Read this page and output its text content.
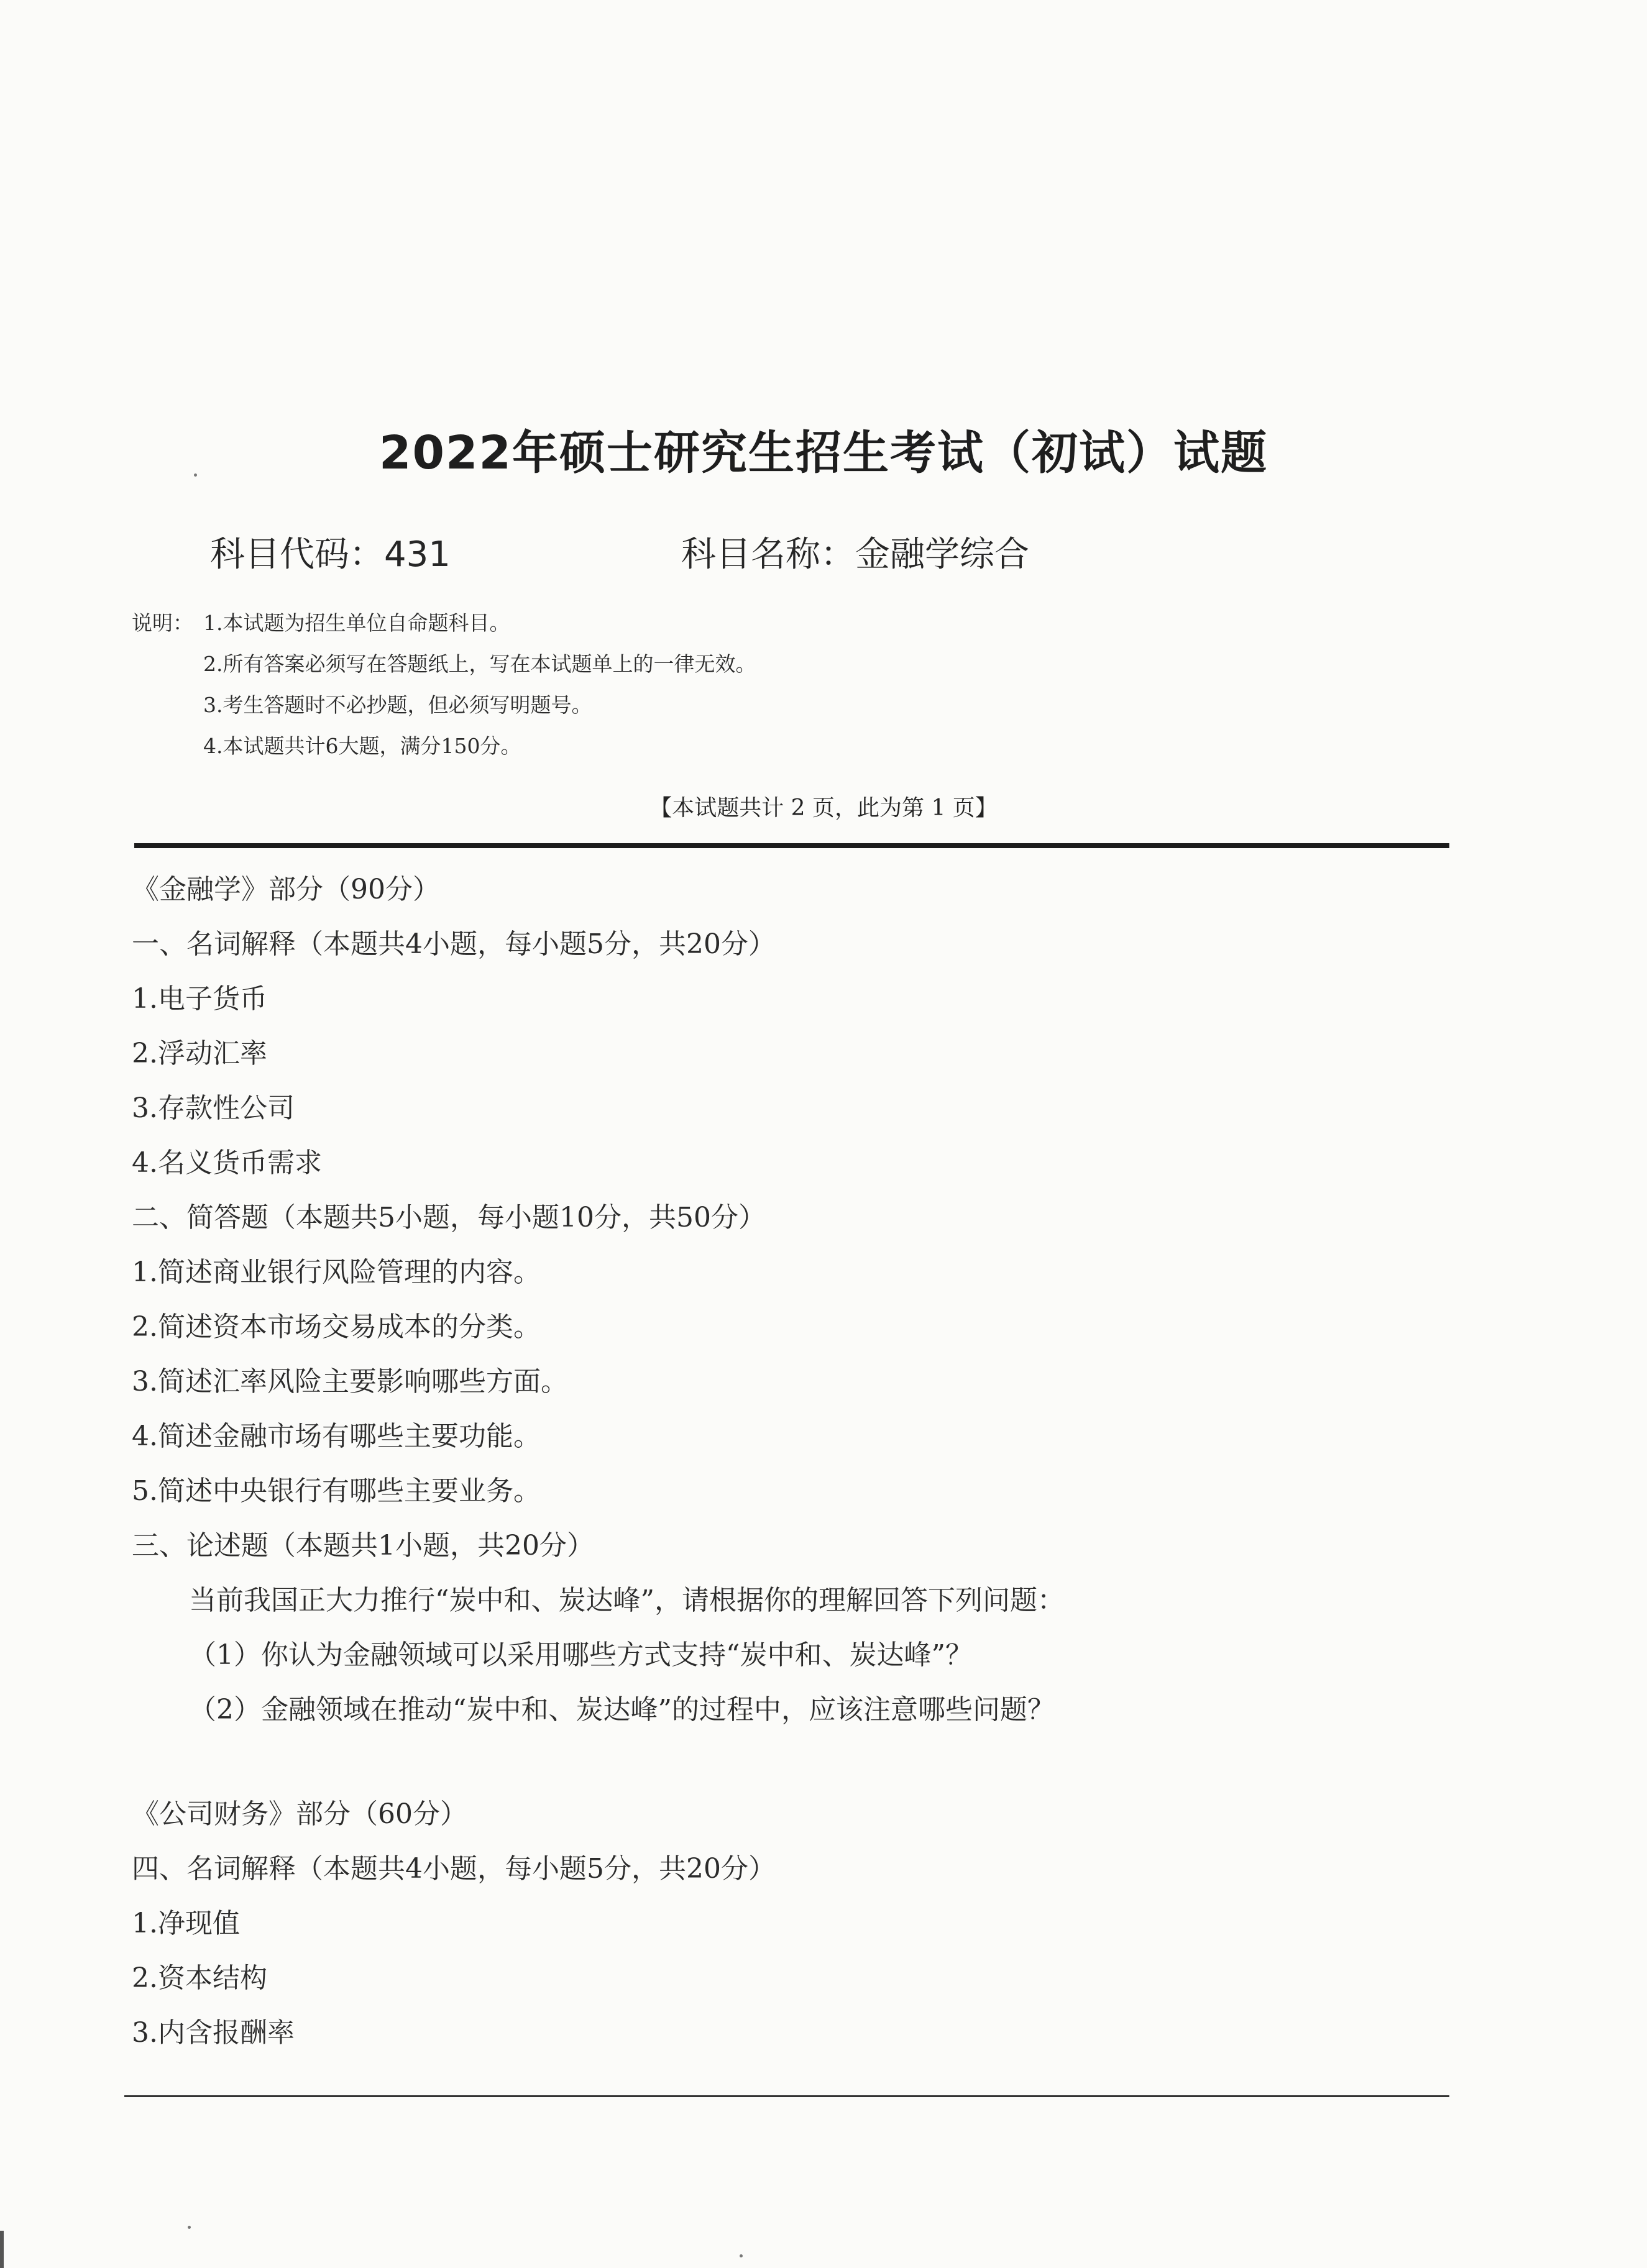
2022年硕士研究生招生考试（初试）试题
科目代码：431	科目名称：金融学综合
说明： 1.本试题为招生单位自命题科目。
2.所有答案必须写在答题纸上，写在本试题单上的一律无效。
3.考生答题时不必抄题，但必须写明题号。
4.本试题共计6大题，满分150分。
【本试题共计 2 页，此为第 1 页】
《金融学》部分（90分）
一、名词解释（本题共4小题，每小题5分，共20分）
1.电子货币
2.浮动汇率
3.存款性公司
4.名义货币需求
二、简答题（本题共5小题，每小题10分，共50分）
1.简述商业银行风险管理的内容。
2.简述资本市场交易成本的分类。
3.简述汇率风险主要影响哪些方面。
4.简述金融市场有哪些主要功能。
5.简述中央银行有哪些主要业务。
三、论述题（本题共1小题，共20分）
当前我国正大力推行“炭中和、炭达峰”，请根据你的理解回答下列问题：
（1）你认为金融领域可以采用哪些方式支持“炭中和、炭达峰”？
（2）金融领域在推动“炭中和、炭达峰”的过程中，应该注意哪些问题？
《公司财务》部分（60分）
四、名词解释（本题共4小题，每小题5分，共20分）
1.净现值
2.资本结构
3.内含报酬率
